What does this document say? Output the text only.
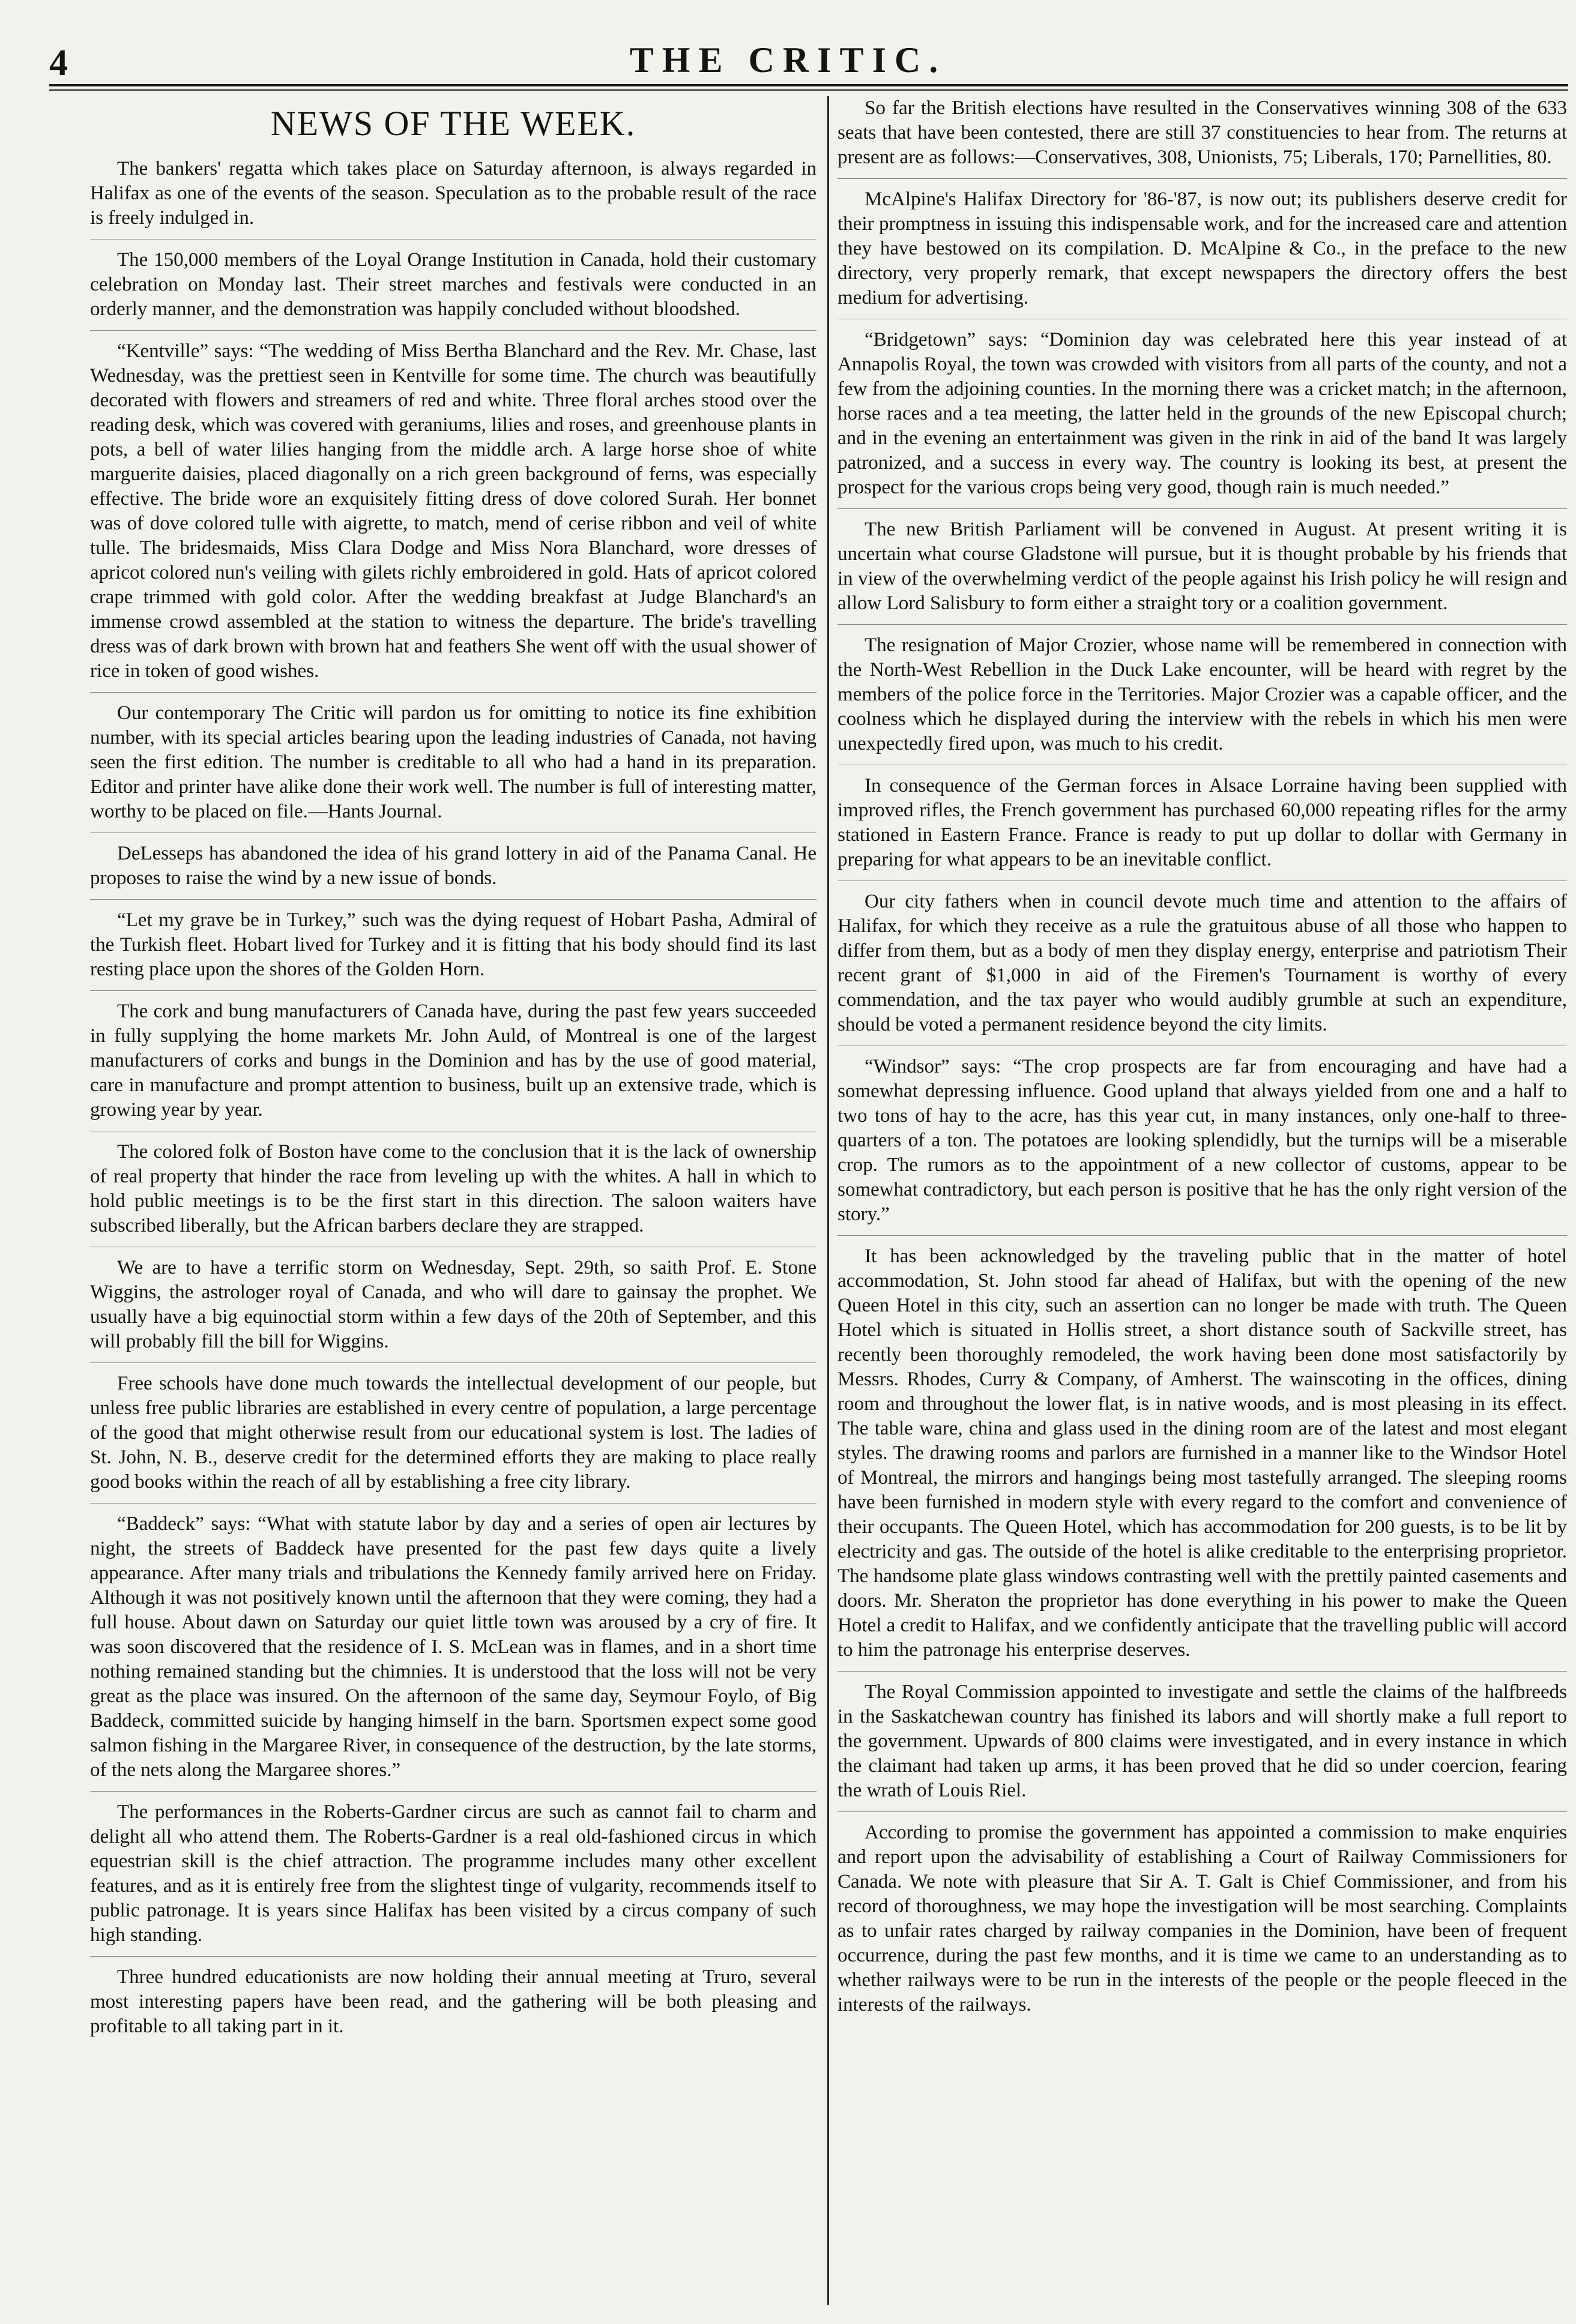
4	THE CRITIC.
NEWS OF THE WEEK.

The bankers' regatta which takes place on Saturday afternoon, is always regarded in Halifax as one of the events of the season. Speculation as to the probable result of the race is freely indulged in.

The 150,000 members of the Loyal Orange Institution in Canada, hold their customary celebration on Monday last. Their street marches and festivals were conducted in an orderly manner, and the demonstration was happily concluded without bloodshed.

“Kentville” says: “The wedding of Miss Bertha Blanchard and the Rev. Mr. Chase, last Wednesday, was the prettiest seen in Kentville for some time. The church was beautifully decorated with flowers and streamers of red and white. Three floral arches stood over the reading desk, which was covered with geraniums, lilies and roses, and greenhouse plants in pots, a bell of water lilies hanging from the middle arch. A large horse shoe of white marguerite daisies, placed diagonally on a rich green background of ferns, was especially effective. The bride wore an exquisitely fitting dress of dove colored Surah. Her bonnet was of dove colored tulle with aigrette, to match, mend of cerise ribbon and veil of white tulle. The bridesmaids, Miss Clara Dodge and Miss Nora Blanchard, wore dresses of apricot colored nun's veiling with gilets richly embroidered in gold. Hats of apricot colored crape trimmed with gold color. After the wedding breakfast at Judge Blanchard's an immense crowd assembled at the station to witness the departure. The bride's travelling dress was of dark brown with brown hat and feathers She went off with the usual shower of rice in token of good wishes.

Our contemporary The Critic will pardon us for omitting to notice its fine exhibition number, with its special articles bearing upon the leading industries of Canada, not having seen the first edition. The number is creditable to all who had a hand in its preparation. Editor and printer have alike done their work well. The number is full of interesting matter, worthy to be placed on file.—Hants Journal.

DeLesseps has abandoned the idea of his grand lottery in aid of the Panama Canal. He proposes to raise the wind by a new issue of bonds.

“Let my grave be in Turkey,” such was the dying request of Hobart Pasha, Admiral of the Turkish fleet. Hobart lived for Turkey and it is fitting that his body should find its last resting place upon the shores of the Golden Horn.

The cork and bung manufacturers of Canada have, during the past few years succeeded in fully supplying the home markets Mr. John Auld, of Montreal is one of the largest manufacturers of corks and bungs in the Dominion and has by the use of good material, care in manufacture and prompt attention to business, built up an extensive trade, which is growing year by year.

The colored folk of Boston have come to the conclusion that it is the lack of ownership of real property that hinder the race from leveling up with the whites. A hall in which to hold public meetings is to be the first start in this direction. The saloon waiters have subscribed liberally, but the African barbers declare they are strapped.

We are to have a terrific storm on Wednesday, Sept. 29th, so saith Prof. E. Stone Wiggins, the astrologer royal of Canada, and who will dare to gainsay the prophet. We usually have a big equinoctial storm within a few days of the 20th of September, and this will probably fill the bill for Wiggins.

Free schools have done much towards the intellectual development of our people, but unless free public libraries are established in every centre of population, a large percentage of the good that might otherwise result from our educational system is lost. The ladies of St. John, N. B., deserve credit for the determined efforts they are making to place really good books within the reach of all by establishing a free city library.

“Baddeck” says: “What with statute labor by day and a series of open air lectures by night, the streets of Baddeck have presented for the past few days quite a lively appearance. After many trials and tribulations the Kennedy family arrived here on Friday. Although it was not positively known until the afternoon that they were coming, they had a full house. About dawn on Saturday our quiet little town was aroused by a cry of fire. It was soon discovered that the residence of I. S. McLean was in flames, and in a short time nothing remained standing but the chimnies. It is understood that the loss will not be very great as the place was insured. On the afternoon of the same day, Seymour Foylo, of Big Baddeck, committed suicide by hanging himself in the barn. Sportsmen expect some good salmon fishing in the Margaree River, in consequence of the destruction, by the late storms, of the nets along the Margaree shores.”

The performances in the Roberts-Gardner circus are such as cannot fail to charm and delight all who attend them. The Roberts-Gardner is a real old-fashioned circus in which equestrian skill is the chief attraction. The programme includes many other excellent features, and as it is entirely free from the slightest tinge of vulgarity, recommends itself to public patronage. It is years since Halifax has been visited by a circus company of such high standing.

Three hundred educationists are now holding their annual meeting at Truro, several most interesting papers have been read, and the gathering will be both pleasing and profitable to all taking part in it.

So far the British elections have resulted in the Conservatives winning 308 of the 633 seats that have been contested, there are still 37 constituencies to hear from. The returns at present are as follows:—Conservatives, 308, Unionists, 75; Liberals, 170; Parnellities, 80.

McAlpine's Halifax Directory for '86-'87, is now out; its publishers deserve credit for their promptness in issuing this indispensable work, and for the increased care and attention they have bestowed on its compilation. D. McAlpine & Co., in the preface to the new directory, very properly remark, that except newspapers the directory offers the best medium for advertising.

“Bridgetown” says: “Dominion day was celebrated here this year instead of at Annapolis Royal, the town was crowded with visitors from all parts of the county, and not a few from the adjoining counties. In the morning there was a cricket match; in the afternoon, horse races and a tea meeting, the latter held in the grounds of the new Episcopal church; and in the evening an entertainment was given in the rink in aid of the band It was largely patronized, and a success in every way. The country is looking its best, at present the prospect for the various crops being very good, though rain is much needed.”

The new British Parliament will be convened in August. At present writing it is uncertain what course Gladstone will pursue, but it is thought probable by his friends that in view of the overwhelming verdict of the people against his Irish policy he will resign and allow Lord Salisbury to form either a straight tory or a coalition government.

The resignation of Major Crozier, whose name will be remembered in connection with the North-West Rebellion in the Duck Lake encounter, will be heard with regret by the members of the police force in the Territories. Major Crozier was a capable officer, and the coolness which he displayed during the interview with the rebels in which his men were unexpectedly fired upon, was much to his credit.

In consequence of the German forces in Alsace Lorraine having been supplied with improved rifles, the French government has purchased 60,000 repeating rifles for the army stationed in Eastern France. France is ready to put up dollar to dollar with Germany in preparing for what appears to be an inevitable conflict.

Our city fathers when in council devote much time and attention to the affairs of Halifax, for which they receive as a rule the gratuitous abuse of all those who happen to differ from them, but as a body of men they display energy, enterprise and patriotism Their recent grant of $1,000 in aid of the Firemen's Tournament is worthy of every commendation, and the tax payer who would audibly grumble at such an expenditure, should be voted a permanent residence beyond the city limits.

“Windsor” says: “The crop prospects are far from encouraging and have had a somewhat depressing influence. Good upland that always yielded from one and a half to two tons of hay to the acre, has this year cut, in many instances, only one-half to three-quarters of a ton. The potatoes are looking splendidly, but the turnips will be a miserable crop. The rumors as to the appointment of a new collector of customs, appear to be somewhat contradictory, but each person is positive that he has the only right version of the story.”

It has been acknowledged by the traveling public that in the matter of hotel accommodation, St. John stood far ahead of Halifax, but with the opening of the new Queen Hotel in this city, such an assertion can no longer be made with truth. The Queen Hotel which is situated in Hollis street, a short distance south of Sackville street, has recently been thoroughly remodeled, the work having been done most satisfactorily by Messrs. Rhodes, Curry & Company, of Amherst. The wainscoting in the offices, dining room and throughout the lower flat, is in native woods, and is most pleasing in its effect. The table ware, china and glass used in the dining room are of the latest and most elegant styles. The drawing rooms and parlors are furnished in a manner like to the Windsor Hotel of Montreal, the mirrors and hangings being most tastefully arranged. The sleeping rooms have been furnished in modern style with every regard to the comfort and convenience of their occupants. The Queen Hotel, which has accommodation for 200 guests, is to be lit by electricity and gas. The outside of the hotel is alike creditable to the enterprising proprietor. The handsome plate glass windows contrasting well with the prettily painted casements and doors. Mr. Sheraton the proprietor has done everything in his power to make the Queen Hotel a credit to Halifax, and we confidently anticipate that the travelling public will accord to him the patronage his enterprise deserves.

The Royal Commission appointed to investigate and settle the claims of the halfbreeds in the Saskatchewan country has finished its labors and will shortly make a full report to the government. Upwards of 800 claims were investigated, and in every instance in which the claimant had taken up arms, it has been proved that he did so under coercion, fearing the wrath of Louis Riel.

According to promise the government has appointed a commission to make enquiries and report upon the advisability of establishing a Court of Railway Commissioners for Canada. We note with pleasure that Sir A. T. Galt is Chief Commissioner, and from his record of thoroughness, we may hope the investigation will be most searching. Complaints as to unfair rates charged by railway companies in the Dominion, have been of frequent occurrence, during the past few months, and it is time we came to an understanding as to whether railways were to be run in the interests of the people or the people fleeced in the interests of the railways.
